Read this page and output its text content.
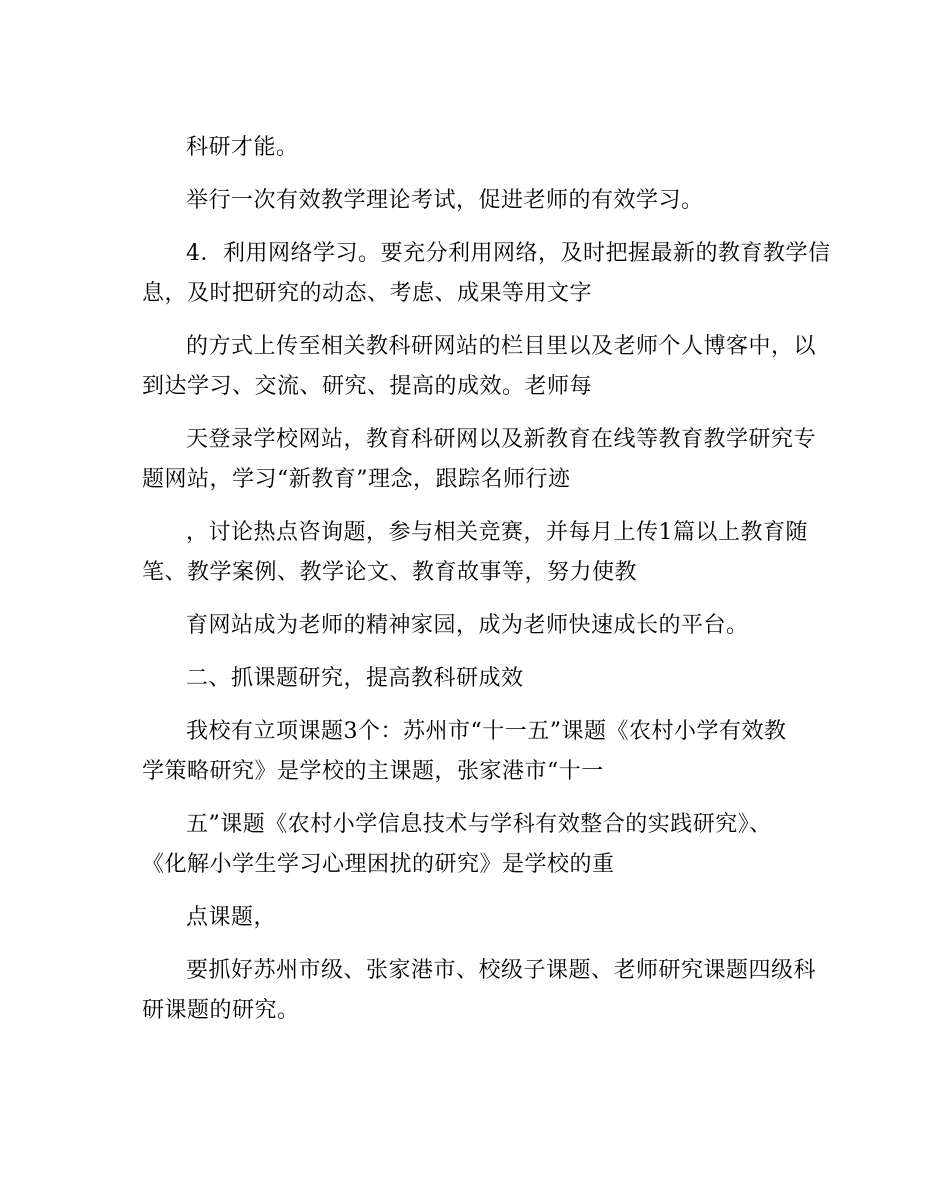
科研才能。
举行一次有效教学理论考试，促进老师的有效学习。
4．利用网络学习。要充分利用网络，及时把握最新的教育教学信
息，及时把研究的动态、考虑、成果等用文字
的方式上传至相关教科研网站的栏目里以及老师个人博客中，以
到达学习、交流、研究、提高的成效。老师每
天登录学校网站，教育科研网以及新教育在线等教育教学研究专
题网站，学习“新教育”理念，跟踪名师行迹
，讨论热点咨询题，参与相关竞赛，并每月上传1篇以上教育随
笔、教学案例、教学论文、教育故事等，努力使教
育网站成为老师的精神家园，成为老师快速成长的平台。
二、抓课题研究，提高教科研成效
我校有立项课题3个：苏州市“十一五”课题《农村小学有效教
学策略研究》是学校的主课题，张家港市“十一
五”课题《农村小学信息技术与学科有效整合的实践研究》、
《化解小学生学习心理困扰的研究》是学校的重
点课题，
要抓好苏州市级、张家港市、校级子课题、老师研究课题四级科
研课题的研究。
